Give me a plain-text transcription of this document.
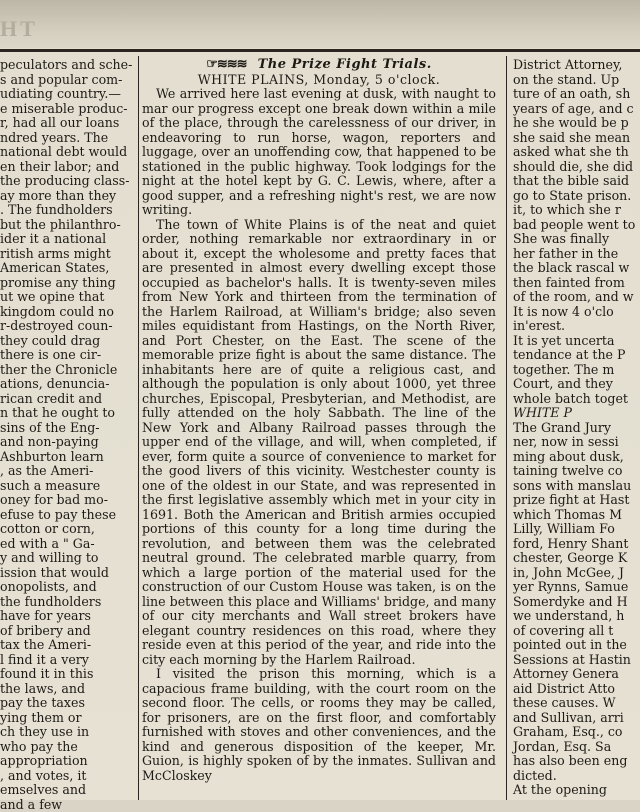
HT

peculators and sche-

s and popular com-

udiating country.—

e miserable produc-

r, had all our loans

ndred years. The

national debt would

en their labor; and

the producing class-

ay more than they

. The fundholders

but the philanthro-

ider it a national

ritish arms might

American States,

promise any thing

ut we opine that

kingdom could no

r-destroyed coun-

they could drag

there is one cir-

ther the Chronicle

ations, denuncia-

rican credit and

n that he ought to

sins of the Eng-

and non-paying

Ashburton learn

, as the Ameri-

such a measure

oney for bad mo-

efuse to pay these

cotton or corn,

ed with a " Ga-

y and willing to

ission that would

onopolists, and

the fundholders

have for years

of bribery and

tax the Ameri-

l find it a very

found it in this

the laws, and

pay the taxes

ying them or

ch they use in

who pay the

appropriation

, and votes, it

emselves and

and a few

☞≋≋≋ The Prize Fight Trials.

WHITE PLAINS, Monday, 5 o'clock.

We arrived here last evening at dusk, with naught to mar our progress except one break down within a mile of the place, through the carelessness of our driver, in endeavoring to run horse, wagon, reporters and luggage, over an unoffending cow, that happened to be stationed in the public highway. Took lodgings for the night at the hotel kept by G. C. Lewis, where, after a good supper, and a refreshing night's rest, we are now writing.

The town of White Plains is of the neat and quiet order, nothing remarkable nor extraordinary in or about it, except the wholesome and pretty faces that are presented in almost every dwelling except those occupied as bachelor's halls. It is twenty-seven miles from New York and thirteen from the termination of the Harlem Railroad, at William's bridge; also seven miles equidistant from Hastings, on the North River, and Port Chester, on the East. The scene of the memorable prize fight is about the same distance. The inhabitants here are of quite a religious cast, and although the population is only about 1000, yet three churches, Episcopal, Presbyterian, and Methodist, are fully attended on the holy Sabbath. The line of the New York and Albany Railroad passes through the upper end of the village, and will, when completed, if ever, form quite a source of convenience to market for the good livers of this vicinity. Westchester county is one of the oldest in our State, and was represented in the first legislative assembly which met in your city in 1691. Both the American and British armies occupied portions of this county for a long time during the revolution, and between them was the celebrated neutral ground. The celebrated marble quarry, from which a large portion of the material used for the construction of our Custom House was taken, is on the line between this place and Williams' bridge, and many of our city merchants and Wall street brokers have elegant country residences on this road, where they reside even at this period of the year, and ride into the city each morning by the Harlem Railroad.

I visited the prison this morning, which is a capacious frame building, with the court room on the second floor. The cells, or rooms they may be called, for prisoners, are on the first floor, and comfortably furnished with stoves and other conveniences, and the kind and generous disposition of the keeper, Mr. Guion, is highly spoken of by the inmates. Sullivan and McCloskey

District Attorney,

on the stand. Up

ture of an oath, sh

years of age, and c

he she would be p

she said she mean

asked what she th

should die, she did

that the bible said

go to State prison.

it, to which she r

bad people went to

She was finally

her father in the

the black rascal w

then fainted from

of the room, and w

It is now 4 o'clo

in'erest.

It is yet uncerta

tendance at the P

together. The m

Court, and they

whole batch toget

WHITE P

The Grand Jury

ner, now in sessi

ming about dusk,

taining twelve co

sons with manslau

prize fight at Hast

which Thomas M

Lilly, William Fo

ford, Henry Shant

chester, George K

in, John McGee, J

yer Rynns, Samue

Somerdyke and H

we understand, h

of covering all t

pointed out in the

Sessions at Hastin

Attorney Genera

aid District Atto

these causes. W

and Sullivan, arri

Graham, Esq., co

Jordan, Esq. Sa

has also been eng

dicted.

At the opening
